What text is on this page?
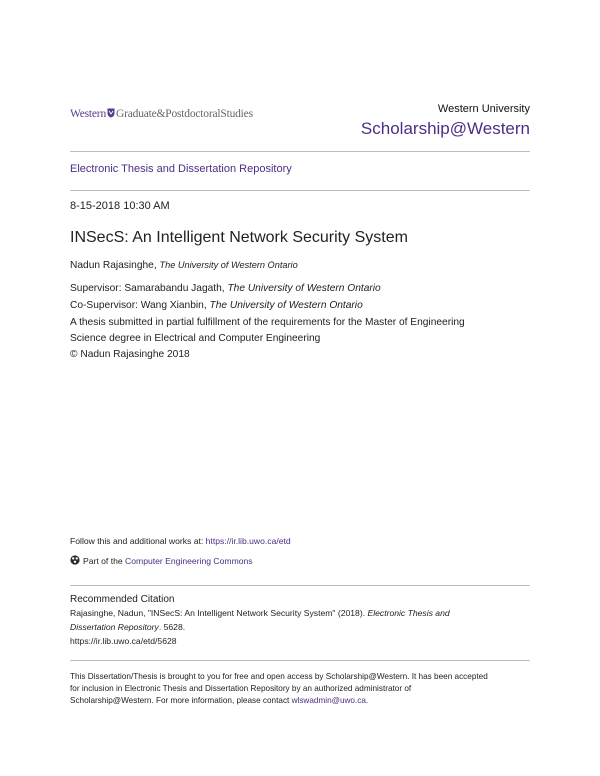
Western Graduate&PostdoctoralStudies	Western University
Scholarship@Western
Electronic Thesis and Dissertation Repository
8-15-2018 10:30 AM
INSecS: An Intelligent Network Security System
Nadun Rajasinghe, The University of Western Ontario
Supervisor: Samarabandu Jagath, The University of Western Ontario
Co-Supervisor: Wang Xianbin, The University of Western Ontario
A thesis submitted in partial fulfillment of the requirements for the Master of Engineering
Science degree in Electrical and Computer Engineering
© Nadun Rajasinghe 2018
Follow this and additional works at: https://ir.lib.uwo.ca/etd
Part of the Computer Engineering Commons
Recommended Citation
Rajasinghe, Nadun, "INSecS: An Intelligent Network Security System" (2018). Electronic Thesis and
Dissertation Repository. 5628.
https://ir.lib.uwo.ca/etd/5628
This Dissertation/Thesis is brought to you for free and open access by Scholarship@Western. It has been accepted
for inclusion in Electronic Thesis and Dissertation Repository by an authorized administrator of
Scholarship@Western. For more information, please contact wlswadmin@uwo.ca.
